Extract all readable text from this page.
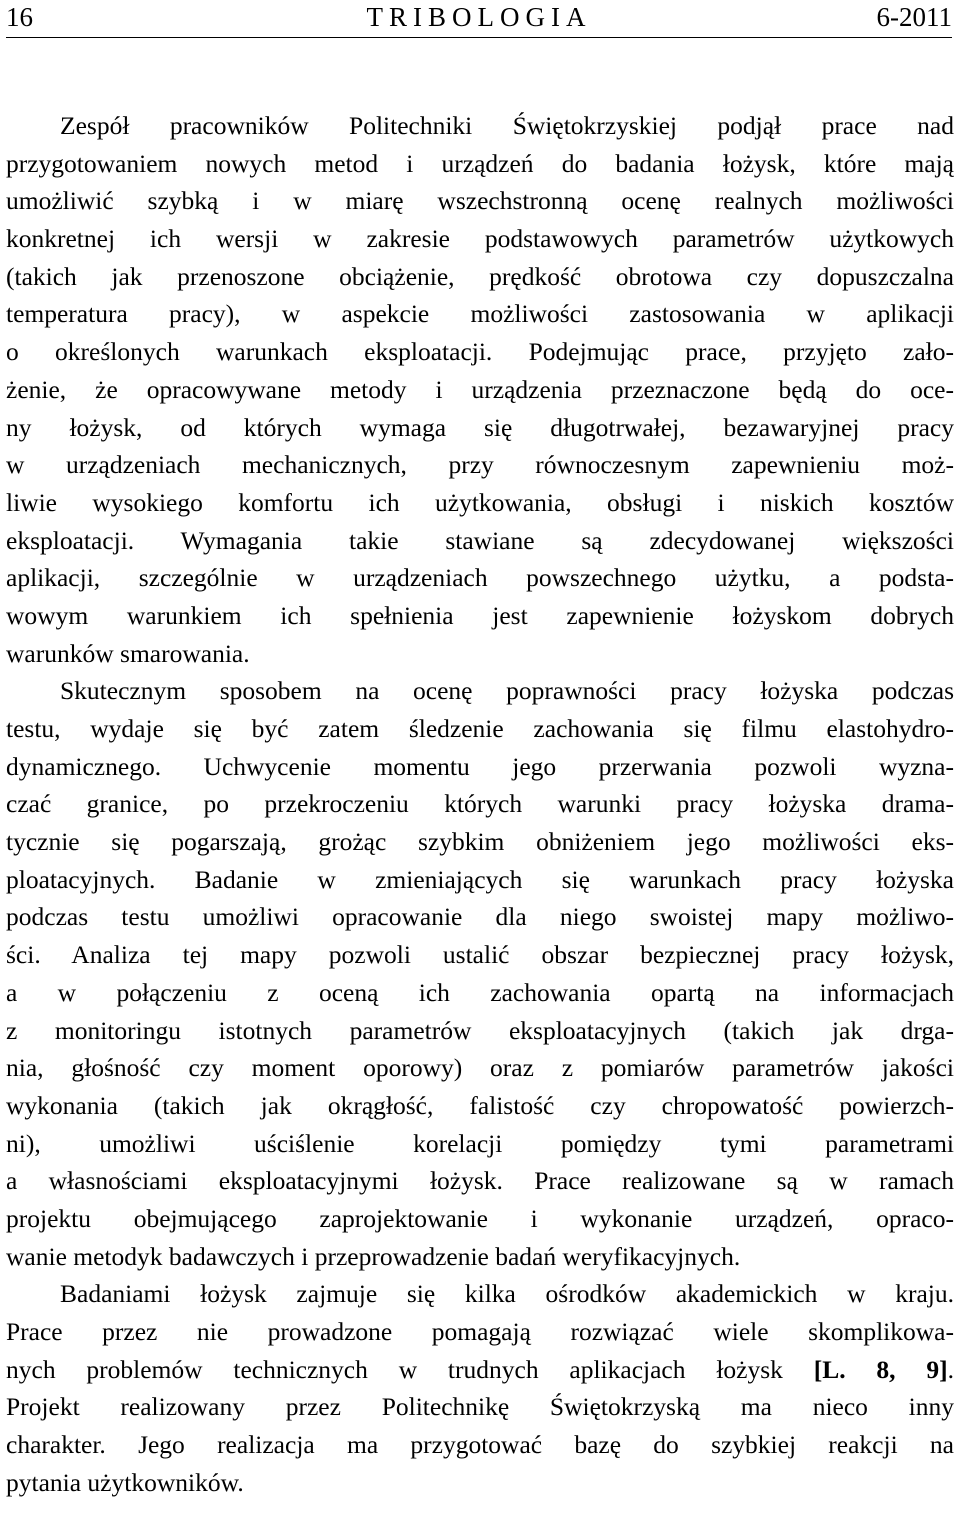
16	TRIBOLOGIA	6-2011
Zespół pracowników Politechniki Świętokrzyskiej podjął prace nad
przygotowaniem nowych metod i urządzeń do badania łożysk, które mają
umożliwić szybką i w miarę wszechstronną ocenę realnych możliwości
konkretnej ich wersji w zakresie podstawowych parametrów użytkowych
(takich jak przenoszone obciążenie, prędkość obrotowa czy dopuszczalna
temperatura pracy), w aspekcie możliwości zastosowania w aplikacji
o określonych warunkach eksploatacji. Podejmując prace, przyjęto zało-
żenie, że opracowywane metody i urządzenia przeznaczone będą do oce-
ny łożysk, od których wymaga się długotrwałej, bezawaryjnej pracy
w urządzeniach mechanicznych, przy równoczesnym zapewnieniu moż-
liwie wysokiego komfortu ich użytkowania, obsługi i niskich kosztów
eksploatacji. Wymagania takie stawiane są zdecydowanej większości
aplikacji, szczególnie w urządzeniach powszechnego użytku, a podsta-
wowym warunkiem ich spełnienia jest zapewnienie łożyskom dobrych
warunków smarowania.
Skutecznym sposobem na ocenę poprawności pracy łożyska podczas
testu, wydaje się być zatem śledzenie zachowania się filmu elastohydro-
dynamicznego. Uchwycenie momentu jego przerwania pozwoli wyzna-
czać granice, po przekroczeniu których warunki pracy łożyska drama-
tycznie się pogarszają, grożąc szybkim obniżeniem jego możliwości eks-
ploatacyjnych. Badanie w zmieniających się warunkach pracy łożyska
podczas testu umożliwi opracowanie dla niego swoistej mapy możliwo-
ści. Analiza tej mapy pozwoli ustalić obszar bezpiecznej pracy łożysk,
a w połączeniu z oceną ich zachowania opartą na informacjach
z monitoringu istotnych parametrów eksploatacyjnych (takich jak drga-
nia, głośność czy moment oporowy) oraz z pomiarów parametrów jakości
wykonania (takich jak okrągłość, falistość czy chropowatość powierzch-
ni), umożliwi uściślenie korelacji pomiędzy tymi parametrami
a własnościami eksploatacyjnymi łożysk. Prace realizowane są w ramach
projektu obejmującego zaprojektowanie i wykonanie urządzeń, opraco-
wanie metodyk badawczych i przeprowadzenie badań weryfikacyjnych.
Badaniami łożysk zajmuje się kilka ośrodków akademickich w kraju.
Prace przez nie prowadzone pomagają rozwiązać wiele skomplikowa-
nych problemów technicznych w trudnych aplikacjach łożysk [L. 8, 9].
Projekt realizowany przez Politechnikę Świętokrzyską ma nieco inny
charakter. Jego realizacja ma przygotować bazę do szybkiej reakcji na
pytania użytkowników.
